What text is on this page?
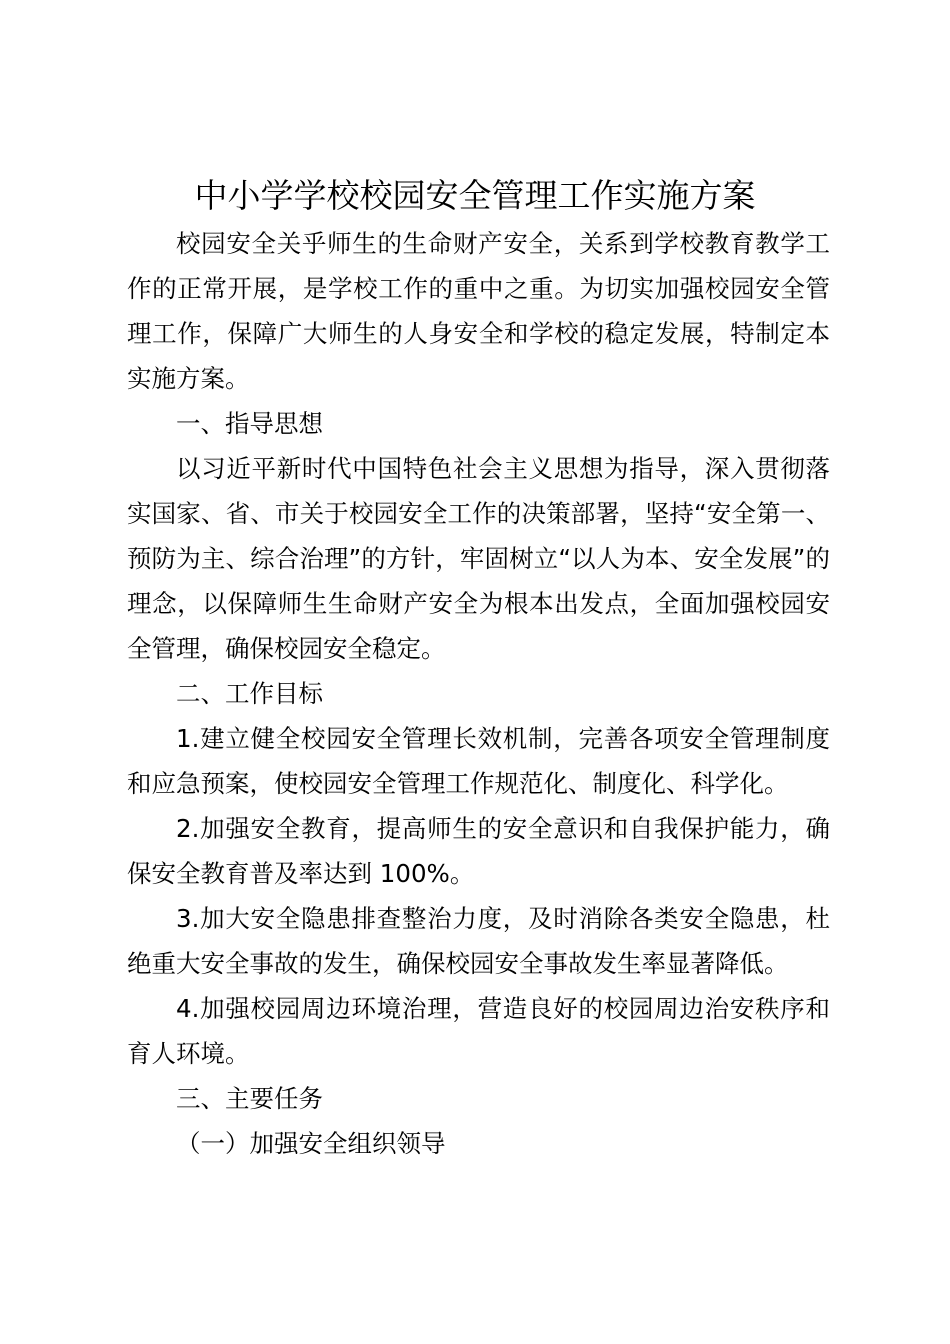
中小学学校校园安全管理工作实施方案

校园安全关乎师生的生命财产安全，关系到学校教育教学工作的正常开展，是学校工作的重中之重。为切实加强校园安全管理工作，保障广大师生的人身安全和学校的稳定发展，特制定本实施方案。

一、指导思想

以习近平新时代中国特色社会主义思想为指导，深入贯彻落实国家、省、市关于校园安全工作的决策部署，坚持“安全第一、预防为主、综合治理”的方针，牢固树立“以人为本、安全发展”的理念，以保障师生生命财产安全为根本出发点，全面加强校园安全管理，确保校园安全稳定。

二、工作目标

1.建立健全校园安全管理长效机制，完善各项安全管理制度和应急预案，使校园安全管理工作规范化、制度化、科学化。

2.加强安全教育，提高师生的安全意识和自我保护能力，确保安全教育普及率达到 100%。

3.加大安全隐患排查整治力度，及时消除各类安全隐患，杜绝重大安全事故的发生，确保校园安全事故发生率显著降低。

4.加强校园周边环境治理，营造良好的校园周边治安秩序和育人环境。

三、主要任务

（一）加强安全组织领导
